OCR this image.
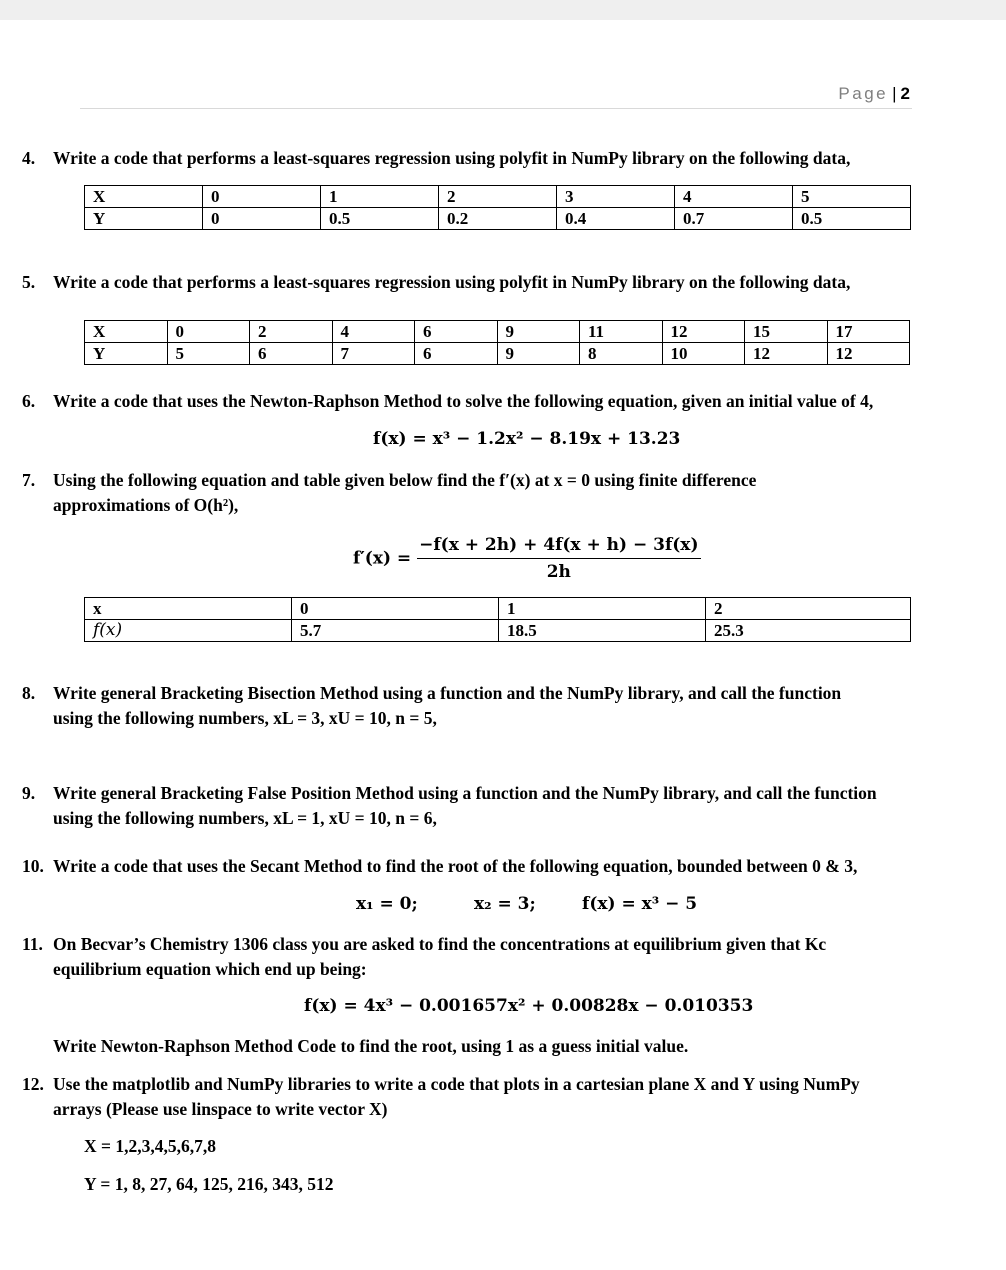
Page | 2
4. Write a code that performs a least-squares regression using polyfit in NumPy library on the following data,
X	0	1	2	3	4	5
Y	0	0.5	0.2	0.4	0.7	0.5
5. Write a code that performs a least-squares regression using polyfit in NumPy library on the following data,
X	0	2	4	6	9	11	12	15	17
Y	5	6	7	6	9	8	10	12	12
6. Write a code that uses the Newton-Raphson Method to solve the following equation, given an initial value of 4,
f(x) = x³ − 1.2x² − 8.19x + 13.23
7. Using the following equation and table given below find the f′(x) at x = 0 using finite difference
approximations of O(h²),
$f'(x) = \frac{-f(x + 2h) + 4f(x + h) - 3f(x)}{2h}$
x	0	1	2
f(x)	5.7	18.5	25.3
8. Write general Bracketing Bisection Method using a function and the NumPy library, and call the function
using the following numbers, xL = 3, xU = 10, n = 5,
9. Write general Bracketing False Position Method using a function and the NumPy library, and call the function
using the following numbers, xL = 1, xU = 10, n = 6,
10. Write a code that uses the Secant Method to find the root of the following equation, bounded between 0 & 3,
x₁ = 0;	x₂ = 3;	f(x) = x³ − 5
11. On Becvar’s Chemistry 1306 class you are asked to find the concentrations at equilibrium given that Kc
equilibrium equation which end up being:
f(x) = 4x³ − 0.001657x² + 0.00828x − 0.010353
Write Newton-Raphson Method Code to find the root, using 1 as a guess initial value.
12. Use the matplotlib and NumPy libraries to write a code that plots in a cartesian plane X and Y using NumPy
arrays (Please use linspace to write vector X)
X = 1,2,3,4,5,6,7,8
Y = 1, 8, 27, 64, 125, 216, 343, 512
